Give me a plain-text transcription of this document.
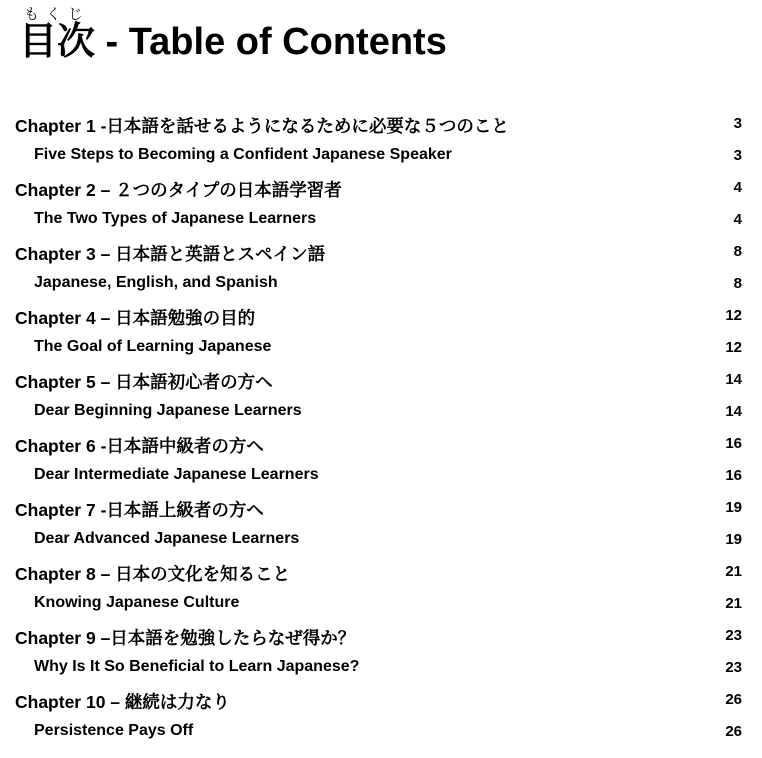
もくじ
目次 - Table of Contents
Chapter 1 -日本語を話せるようになるために必要な５つのこと	3
Five Steps to Becoming a Confident Japanese Speaker	3
Chapter 2 – ２つのタイプの日本語学習者	4
The Two Types of Japanese Learners	4
Chapter 3 – 日本語と英語とスペイン語	8
Japanese, English, and Spanish	8
Chapter 4 – 日本語勉強の目的	12
The Goal of Learning Japanese	12
Chapter 5 – 日本語初心者の方へ	14
Dear Beginning Japanese Learners	14
Chapter 6 -日本語中級者の方へ	16
Dear Intermediate Japanese Learners	16
Chapter 7 -日本語上級者の方へ	19
Dear Advanced Japanese Learners	19
Chapter 8 – 日本の文化を知ること	21
Knowing Japanese Culture	21
Chapter 9 –日本語を勉強したらなぜ得か？	23
Why Is It So Beneficial to Learn Japanese?	23
Chapter 10 – 継続は力なり	26
Persistence Pays Off	26
